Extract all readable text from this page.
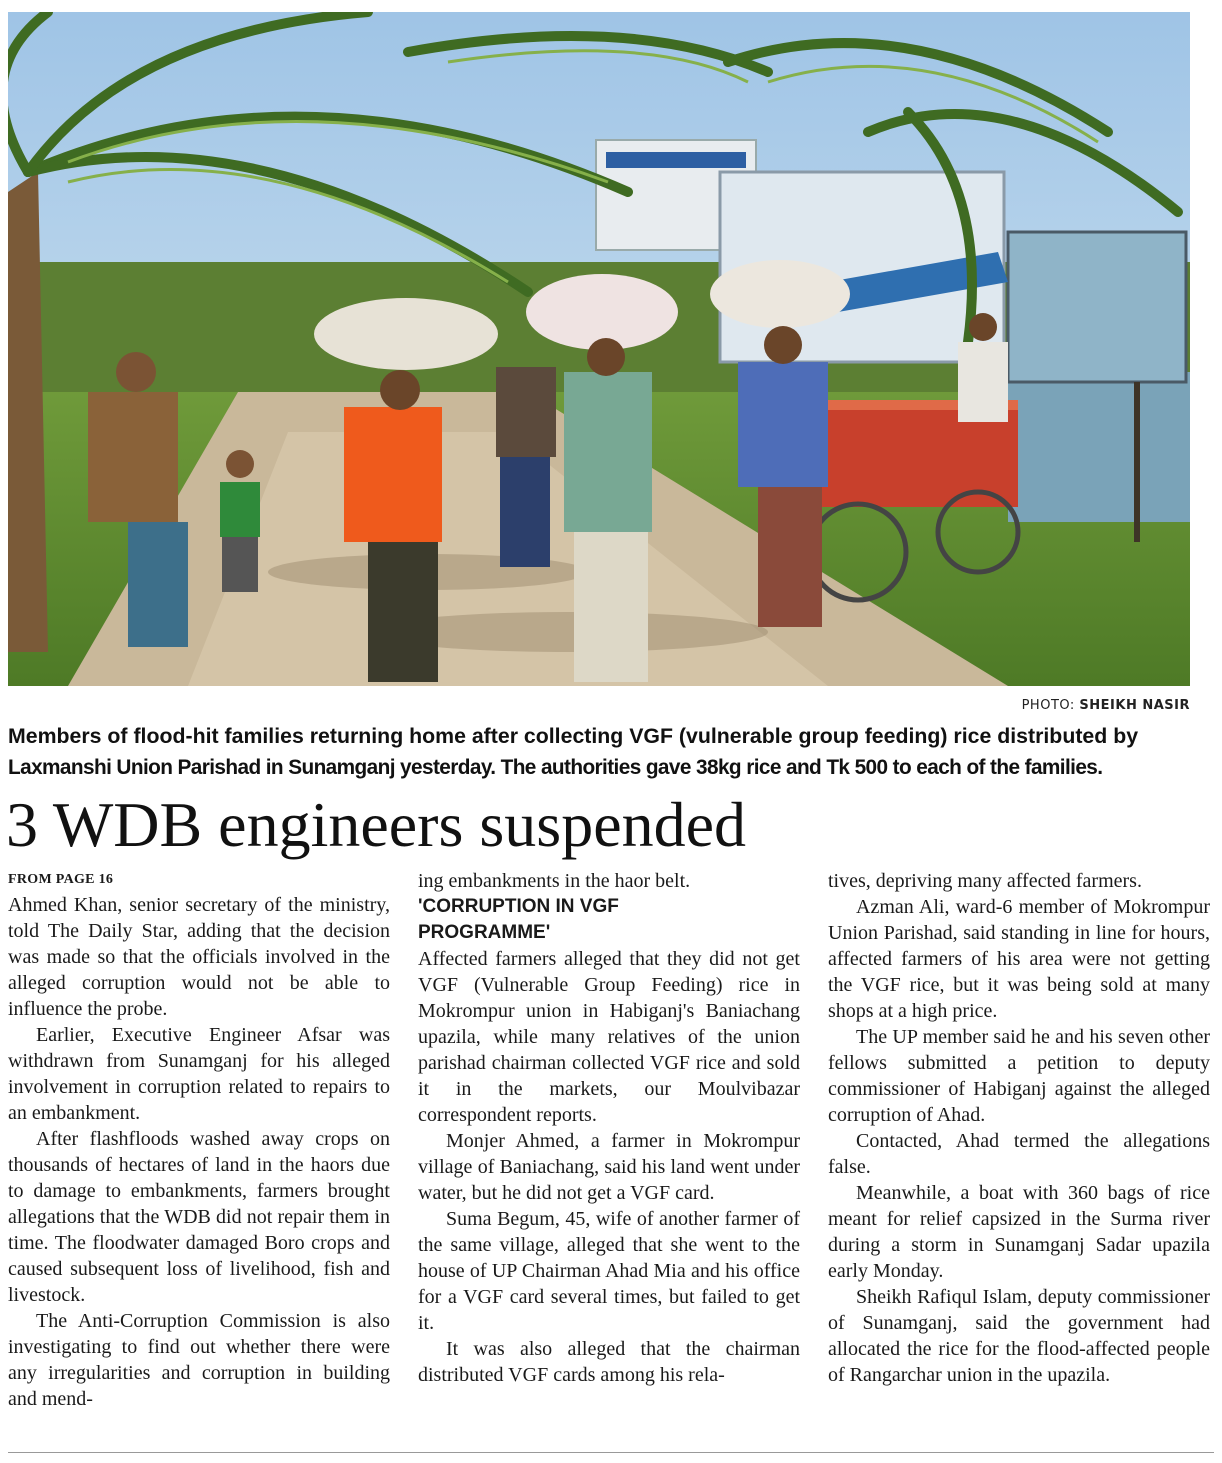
PHOTO: SHEIKH NASIR

Members of flood-hit families returning home after collecting VGF (vulnerable group feeding) rice distributed by

Laxmanshi Union Parishad in Sunamganj yesterday. The authorities gave 38kg rice and Tk 500 to each of the families.

3 WDB engineers suspended
FROM PAGE 16

Ahmed Khan, senior secretary of the ministry, told The Daily Star, adding that the decision was made so that the officials involved in the alleged corruption would not be able to influence the probe.

Earlier, Executive Engineer Afsar was withdrawn from Sunamganj for his alleged involvement in corruption related to repairs to an embankment.

After flashfloods washed away crops on thousands of hectares of land in the haors due to damage to embankments, farmers brought allegations that the WDB did not repair them in time. The floodwater damaged Boro crops and caused subsequent loss of livelihood, fish and livestock.

The Anti-Corruption Commission is also investigating to find out whether there were any irregularities and corruption in building and mend-

ing embankments in the haor belt.

'CORRUPTION IN VGF PROGRAMME'

Affected farmers alleged that they did not get VGF (Vulnerable Group Feeding) rice in Mokrompur union in Habiganj's Baniachang upazila, while many relatives of the union parishad chairman collected VGF rice and sold it in the markets, our Moulvibazar correspondent reports.

Monjer Ahmed, a farmer in Mokrompur village of Baniachang, said his land went under water, but he did not get a VGF card.

Suma Begum, 45, wife of another farmer of the same village, alleged that she went to the house of UP Chairman Ahad Mia and his office for a VGF card several times, but failed to get it.

It was also alleged that the chairman distributed VGF cards among his rela-

tives, depriving many affected farmers.

Azman Ali, ward-6 member of Mokrompur Union Parishad, said standing in line for hours, affected farmers of his area were not getting the VGF rice, but it was being sold at many shops at a high price.

The UP member said he and his seven other fellows submitted a petition to deputy commissioner of Habiganj against the alleged corruption of Ahad.

Contacted, Ahad termed the allegations false.

Meanwhile, a boat with 360 bags of rice meant for relief capsized in the Surma river during a storm in Sunamganj Sadar upazila early Monday.

Sheikh Rafiqul Islam, deputy commissioner of Sunamganj, said the government had allocated the rice for the flood-affected people of Rangarchar union in the upazila.
